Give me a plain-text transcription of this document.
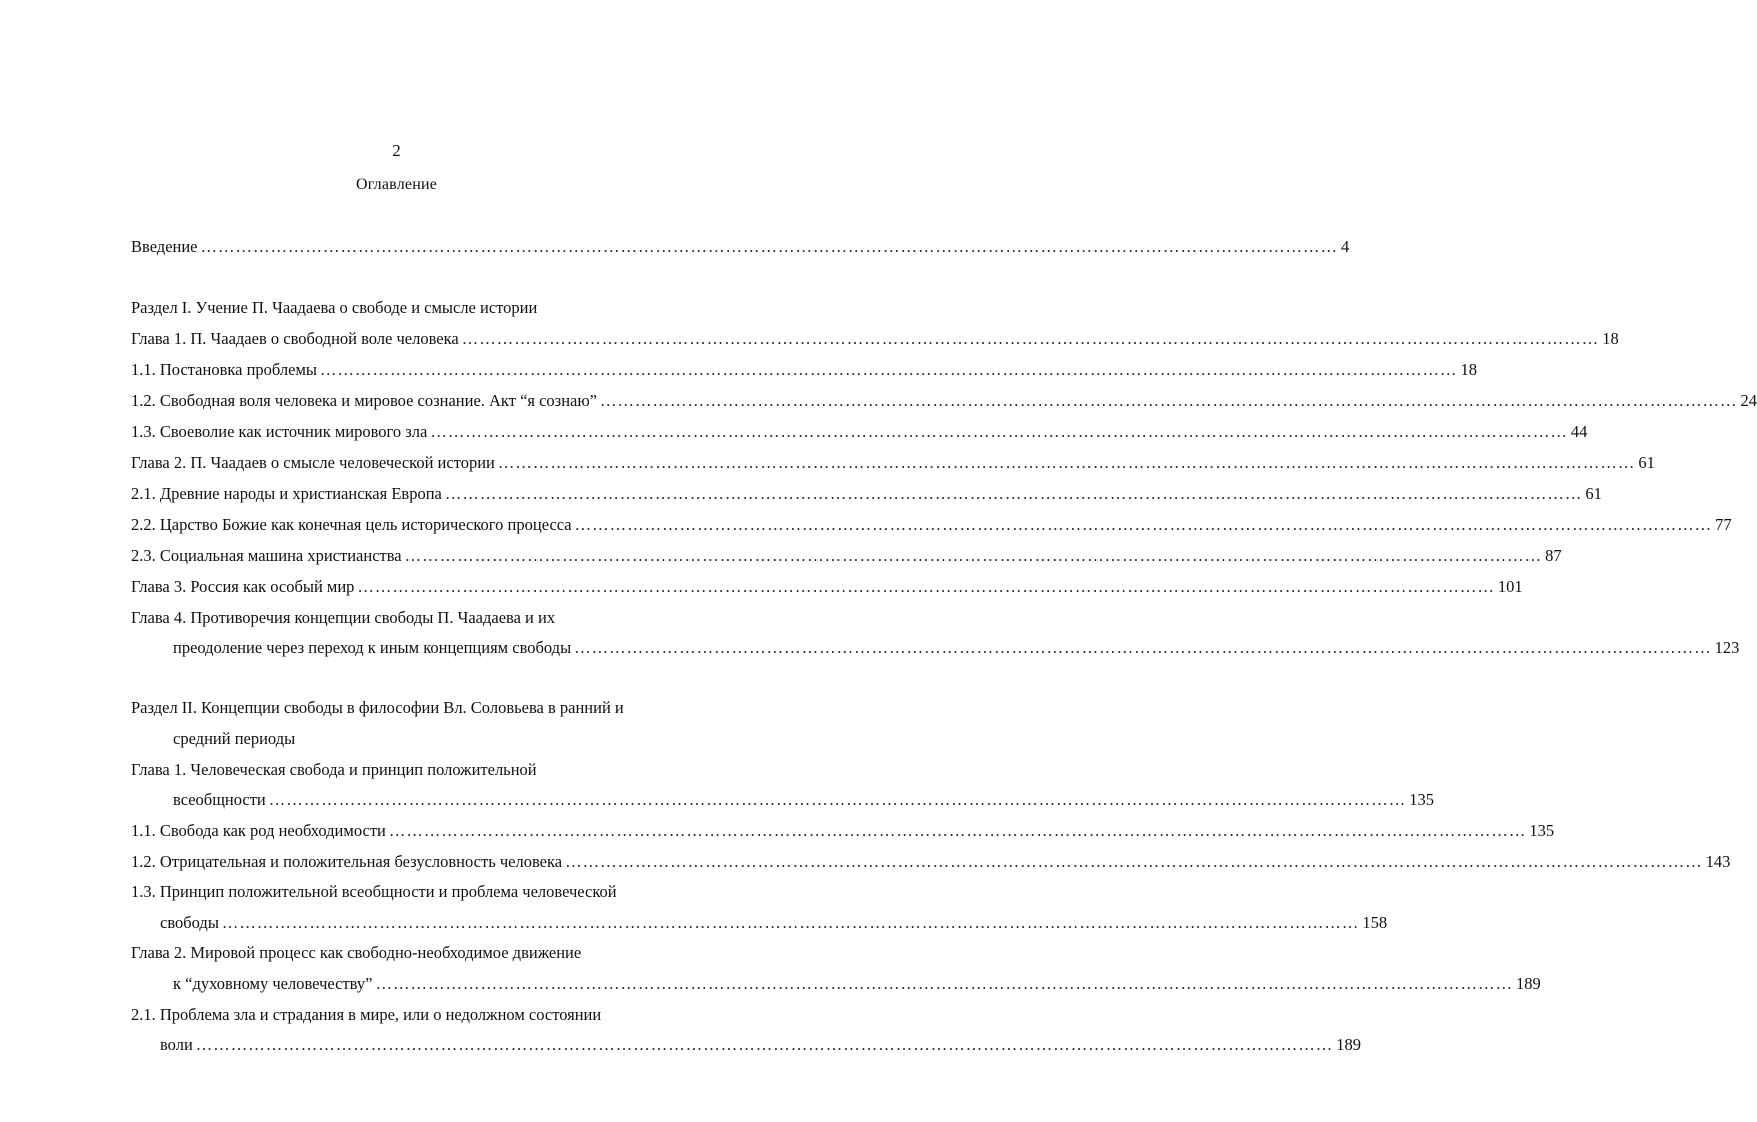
2
Оглавление
Введение …………………………………………………………………………………………………………………………………………………………………………… 4
Раздел I. Учение П. Чаадаева о свободе и смысле истории
Глава 1. П. Чаадаев о свободной воле человека …………………………………………………………………………………………………………………………………………………………………………… 18
1.1. Постановка проблемы …………………………………………………………………………………………………………………………………………………………………………… 18
1.2. Свободная воля человека и мировое сознание. Акт “я сознаю” …………………………………………………………………………………………………………………………………………………………………………… 24
1.3. Своеволие как источник мирового зла …………………………………………………………………………………………………………………………………………………………………………… 44
Глава 2. П. Чаадаев о смысле человеческой истории …………………………………………………………………………………………………………………………………………………………………………… 61
2.1. Древние народы и христианская Европа …………………………………………………………………………………………………………………………………………………………………………… 61
2.2. Царство Божие как конечная цель исторического процесса …………………………………………………………………………………………………………………………………………………………………………… 77
2.3. Социальная машина христианства …………………………………………………………………………………………………………………………………………………………………………… 87
Глава 3. Россия как особый мир …………………………………………………………………………………………………………………………………………………………………………… 101
Глава 4. Противоречия концепции свободы П. Чаадаева и их
преодоление через переход к иным концепциям свободы …………………………………………………………………………………………………………………………………………………………………………… 123
Раздел II. Концепции свободы в философии Вл. Соловьева в ранний и
средний периоды
Глава 1. Человеческая свобода и принцип положительной
всеобщности …………………………………………………………………………………………………………………………………………………………………………… 135
1.1. Свобода как род необходимости …………………………………………………………………………………………………………………………………………………………………………… 135
1.2. Отрицательная и положительная безусловность человека …………………………………………………………………………………………………………………………………………………………………………… 143
1.3. Принцип положительной всеобщности и проблема человеческой
свободы …………………………………………………………………………………………………………………………………………………………………………… 158
Глава 2. Мировой процесс как свободно-необходимое движение
к “духовному человечеству” …………………………………………………………………………………………………………………………………………………………………………… 189
2.1. Проблема зла и страдания в мире, или о недолжном состоянии
воли …………………………………………………………………………………………………………………………………………………………………………… 189
